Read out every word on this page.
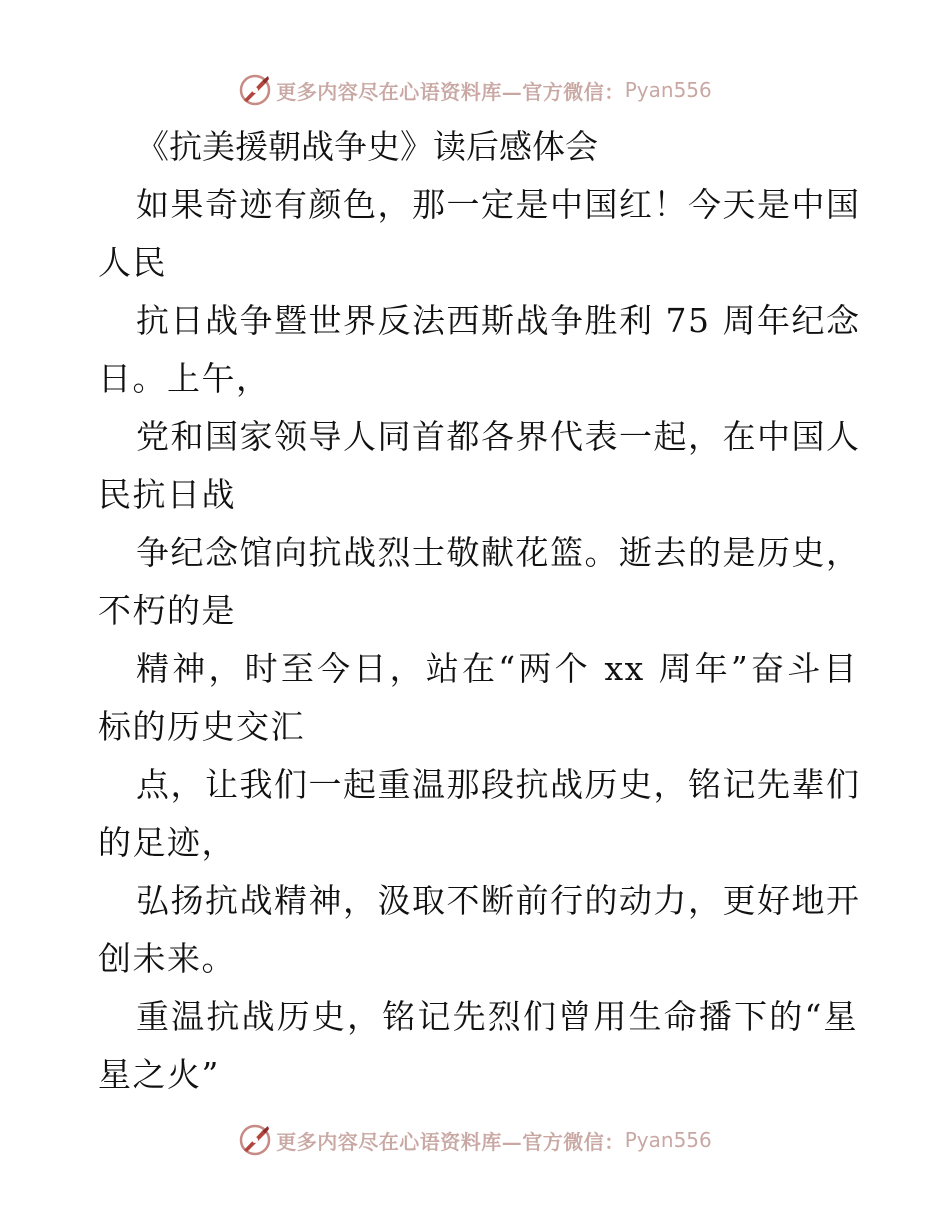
更多内容尽在心语资料库—官方微信： Pyan556
《抗美援朝战争史》读后感体会

如果奇迹有颜色，那一定是中国红！今天是中国
人民

抗日战争暨世界反法西斯战争胜利 75 周年纪念
日。上午，

党和国家领导人同首都各界代表一起，在中国人
民抗日战

争纪念馆向抗战烈士敬献花篮。逝去的是历史，
不朽的是

精神，时至今日，站在“两个 xx 周年”奋斗目
标的历史交汇

点，让我们一起重温那段抗战历史，铭记先辈们
的足迹，

弘扬抗战精神，汲取不断前行的动力，更好地开
创未来。

重温抗战历史，铭记先烈们曾用生命播下的“星
星之火”

更多内容尽在心语资料库—官方微信： Pyan556
